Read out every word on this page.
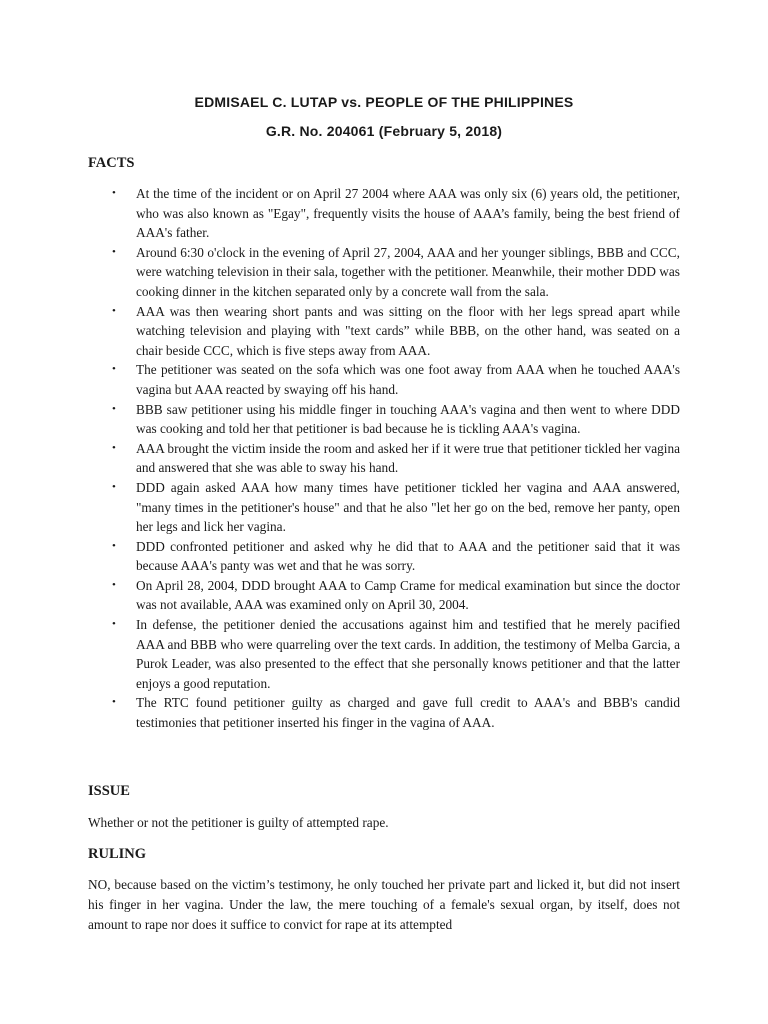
EDMISAEL C. LUTAP vs. PEOPLE OF THE PHILIPPINES
G.R. No. 204061 (February 5, 2018)
FACTS
• At the time of the incident or on April 27 2004 where AAA was only six (6) years old, the petitioner, who was also known as "Egay", frequently visits the house of AAA’s family, being the best friend of AAA's father.
• Around 6:30 o'clock in the evening of April 27, 2004, AAA and her younger siblings, BBB and CCC, were watching television in their sala, together with the petitioner. Meanwhile, their mother DDD was cooking dinner in the kitchen separated only by a concrete wall from the sala.
• AAA was then wearing short pants and was sitting on the floor with her legs spread apart while watching television and playing with "text cards” while BBB, on the other hand, was seated on a chair beside CCC, which is five steps away from AAA.
• The petitioner was seated on the sofa which was one foot away from AAA when he touched AAA's vagina but AAA reacted by swaying off his hand.
• BBB saw petitioner using his middle finger in touching AAA's vagina and then went to where DDD was cooking and told her that petitioner is bad because he is tickling AAA's vagina.
• AAA brought the victim inside the room and asked her if it were true that petitioner tickled her vagina and answered that she was able to sway his hand.
• DDD again asked AAA how many times have petitioner tickled her vagina and AAA answered, "many times in the petitioner's house" and that he also "let her go on the bed, remove her panty, open her legs and lick her vagina.
• DDD confronted petitioner and asked why he did that to AAA and the petitioner said that it was because AAA's panty was wet and that he was sorry.
• On April 28, 2004, DDD brought AAA to Camp Crame for medical examination but since the doctor was not available, AAA was examined only on April 30, 2004.
• In defense, the petitioner denied the accusations against him and testified that he merely pacified AAA and BBB who were quarreling over the text cards. In addition, the testimony of Melba Garcia, a Purok Leader, was also presented to the effect that she personally knows petitioner and that the latter enjoys a good reputation.
• The RTC found petitioner guilty as charged and gave full credit to AAA's and BBB's candid testimonies that petitioner inserted his finger in the vagina of AAA.
ISSUE

Whether or not the petitioner is guilty of attempted rape.

RULING

NO, because based on the victim’s testimony, he only touched her private part and licked it, but did not insert his finger in her vagina. Under the law, the mere touching of a female's sexual organ, by itself, does not amount to rape nor does it suffice to convict for rape at its attempted
